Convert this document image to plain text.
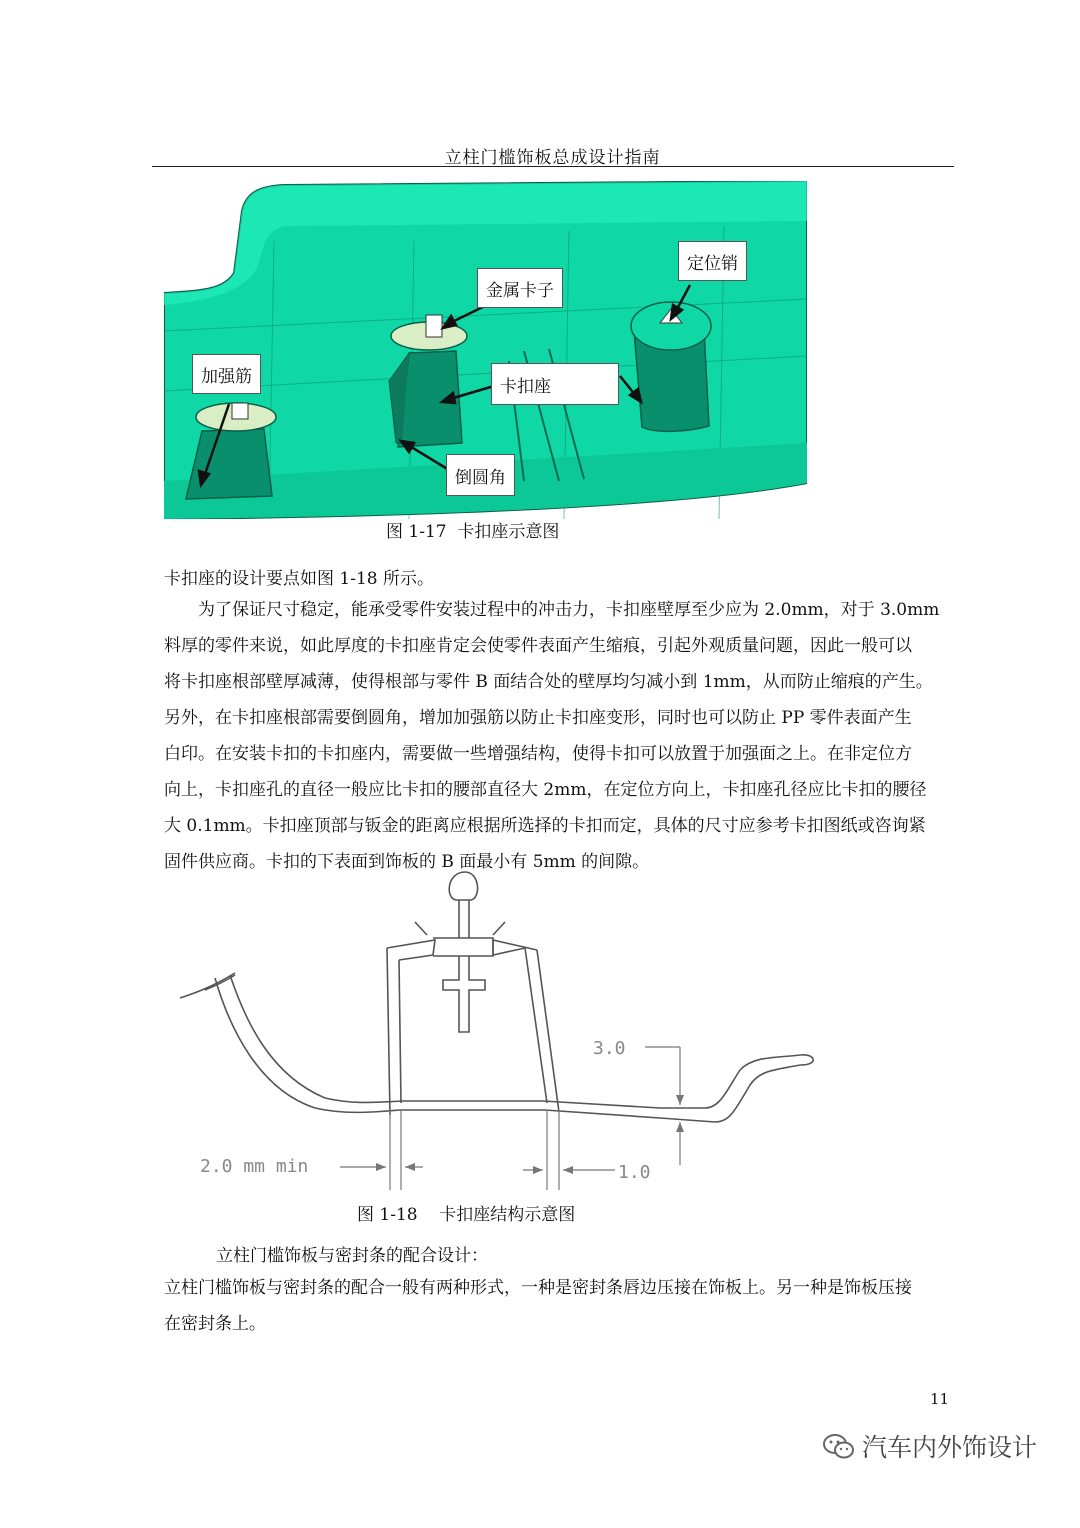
立柱门槛饰板总成设计指南
定位销
金属卡子
加强筋	卡扣座
倒圆角
图 1-17  卡扣座示意图
卡扣座的设计要点如图 1-18 所示。

为了保证尺寸稳定，能承受零件安装过程中的冲击力，卡扣座壁厚至少应为 2.0mm，对于 3.0mm

料厚的零件来说，如此厚度的卡扣座肯定会使零件表面产生缩痕，引起外观质量问题，因此一般可以

将卡扣座根部壁厚减薄，使得根部与零件 B 面结合处的壁厚均匀减小到 1mm，从而防止缩痕的产生。

另外，在卡扣座根部需要倒圆角，增加加强筋以防止卡扣座变形，同时也可以防止 PP 零件表面产生

白印。在安装卡扣的卡扣座内，需要做一些增强结构，使得卡扣可以放置于加强面之上。在非定位方

向上，卡扣座孔的直径一般应比卡扣的腰部直径大 2mm，在定位方向上，卡扣座孔径应比卡扣的腰径

大 0.1mm。卡扣座顶部与钣金的距离应根据所选择的卡扣而定，具体的尺寸应参考卡扣图纸或咨询紧

固件供应商。卡扣的下表面到饰板的 B 面最小有 5mm 的间隙。

3.0
2.0 mm min	1.0
图 1-18    卡扣座结构示意图
立柱门槛饰板与密封条的配合设计：

立柱门槛饰板与密封条的配合一般有两种形式，一种是密封条唇边压接在饰板上。另一种是饰板压接

在密封条上。

11
汽车内外饰设计
